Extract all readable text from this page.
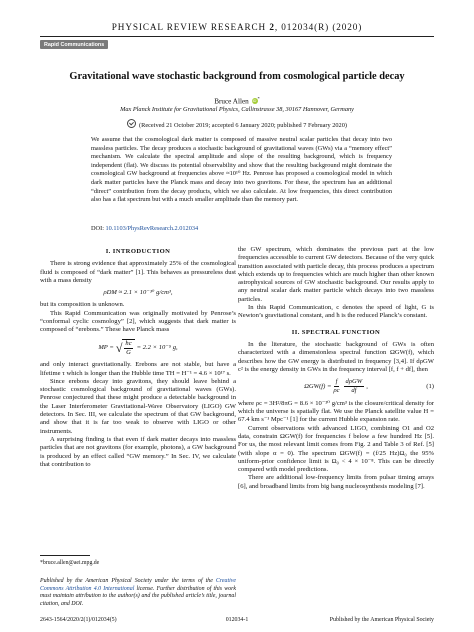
PHYSICAL REVIEW RESEARCH 2, 012034(R) (2020)
Rapid Communications
Gravitational wave stochastic background from cosmological particle decay
Bruce Allen iD*
Max Planck Institute for Gravitational Physics, Callinstrasse 38, 30167 Hannover, Germany
(Received 21 October 2019; accepted 6 January 2020; published 7 February 2020)

We assume that the cosmological dark matter is composed of massive neutral scalar particles that decay into two massless particles. The decay produces a stochastic background of gravitational waves (GWs) via a “memory effect” mechanism. We calculate the spectral amplitude and slope of the resulting background, which is frequency independent (flat). We discuss its potential observability and show that the resulting background might dominate the cosmological GW background at frequencies above ≈10¹⁰ Hz. Penrose has proposed a cosmological model in which dark matter particles have the Planck mass and decay into two gravitons. For these, the spectrum has an additional “direct” contribution from the decay products, which we also calculate. At low frequencies, this direct contribution also has a flat spectrum but with a much smaller amplitude than the memory part.

DOI: 10.1103/PhysRevResearch.2.012034
I. INTRODUCTION

There is strong evidence that approximately 25% of the cosmological fluid is composed of “dark matter” [1]. This behaves as pressureless dust with a mass density

ρDM ≈ 2.1 × 10⁻³⁰ g/cm³,

but its composition is unknown.

This Rapid Communication was originally motivated by Penrose’s “conformal cyclic cosmology” [2], which suggests that dark matter is composed of “erebons.” These have Planck mass

MP = √ $\frac{ħc}{G} = 2.2 \times 10^{-5}$ g,

and only interact gravitationally. Erebons are not stable, but have a lifetime τ which is longer than the Hubble time TH = H⁻¹ = 4.6 × 10¹⁷ s.

Since erebons decay into gravitons, they should leave behind a stochastic cosmological background of gravitational waves (GWs). Penrose conjectured that these might produce a detectable background in the Laser Interferometer Gravitational-Wave Observatory (LIGO) GW detectors. In Sec. III, we calculate the spectrum of that GW background, and show that it is far too weak to observe with LIGO or other instruments.

A surprising finding is that even if dark matter decays into massless particles that are not gravitons (for example, photons), a GW background is produced by an effect called “GW memory.” In Sec. IV, we calculate that contribution to

the GW spectrum, which dominates the previous part at the low frequencies accessible to current GW detectors. Because of the very quick transition associated with particle decay, this process produces a spectrum which extends up to frequencies which are much higher than other known astrophysical sources of GW stochastic background. Our results apply to any neutral scalar dark matter particle which decays into two massless particles.

In this Rapid Communication, c denotes the speed of light, G is Newton’s gravitational constant, and ħ is the reduced Planck’s constant.

II. SPECTRAL FUNCTION

In the literature, the stochastic background of GWs is often characterized with a dimensionless spectral function ΩGW(f), which describes how the GW energy is distributed in frequency [3,4]. If dρGW c² is the energy density in GWs in the frequency interval [f, f + df], then

$\Omega GW(f) = \frac{f}{\rho c}$ dρGW
df
,	(1)

where ρc = 3H²/8πG = 8.6 × 10⁻³⁰ g/cm³ is the closure/critical density for which the universe is spatially flat. We use the Planck satellite value H = 67.4 km s⁻¹ Mpc⁻¹ [1] for the current Hubble expansion rate.

Current observations with advanced LIGO, combining O1 and O2 data, constrain ΩGW(f) for frequencies f below a few hundred Hz [5]. For us, the most relevant limit comes from Fig. 2 and Table 3 of Ref. [5] (with slope α = 0). The spectrum ΩGW(f) = (f/25 Hz)Ω₀ the 95% uniform-prior confidence limit is Ω₀ < 4 × 10⁻⁸. This can be directly compared with model predictions.

There are additional low-frequency limits from pulsar timing arrays [6], and broadband limits from big bang nucleosynthesis modeling [7].

*bruce.allen@aei.mpg.de
Published by the American Physical Society under the terms of the Creative Commons Attribution 4.0 International license. Further distribution of this work must maintain attribution to the author(s) and the published article’s title, journal citation, and DOI.
2643-1564/2020/2(1)/012034(5)	012034-1	Published by the American Physical Society
